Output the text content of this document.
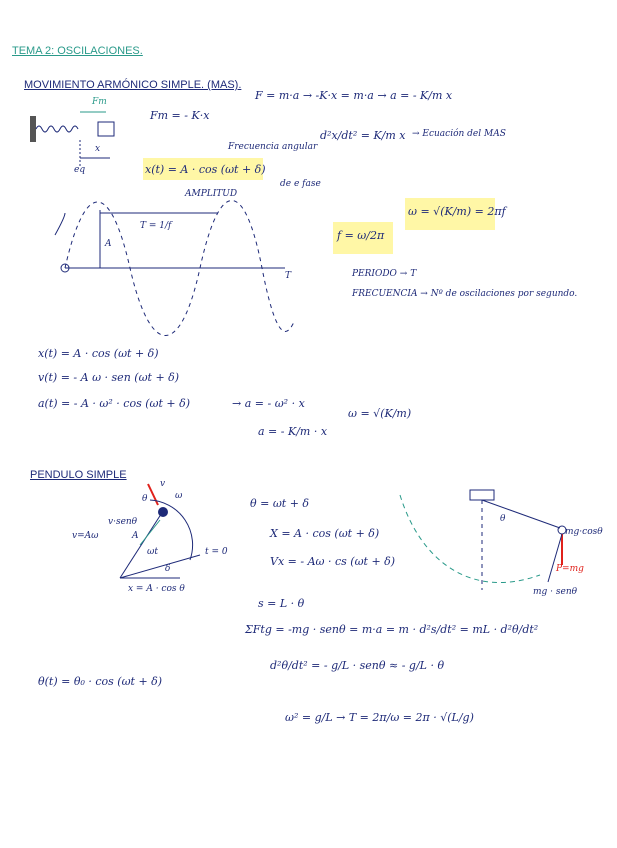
TEMA 2: OSCILACIONES.
MOVIMIENTO ARMÓNICO SIMPLE. (MAS).
Fm
Fm = - K·x
x
eq
F = m·a → -K·x = m·a → a = - K/m x
d²x/dt² = K/m x → Ecuación del MAS
Frecuencia angular
x(t) = A · cos (ωt + δ)
AMPLITUD
de e fase
T = 1/f
A
T
f = ω/2π
ω = √(K/m) = 2πf
PERIODO → T
FRECUENCIA → Nº de oscilaciones por segundo.
x(t) = A · cos (ωt + δ)
v(t) = - A ω · sen (ωt + δ)
a(t) = - A · ω² · cos (ωt + δ)	→ a = - ω² · x
a = - K/m · x
ω = √(K/m)
PENDULO SIMPLE
v
ω
θ
v=Aω
v·senθ
A
ωt
δ
t = 0
x = A · cos θ
θ = ωt + δ
X = A · cos (ωt + δ)
Vx = - Aω · cs (ωt + δ)
s = L · θ
ΣFtg = -mg · senθ = m·a = m · d²s/dt² = mL · d²θ/dt²
d²θ/dt² = - g/L · senθ ≈ - g/L · θ
ω² = g/L → T = 2π/ω = 2π · √(L/g)
θ(t) = θ₀ · cos (ωt + δ)
mg·cosθ
P=mg
mg · senθ
θ
